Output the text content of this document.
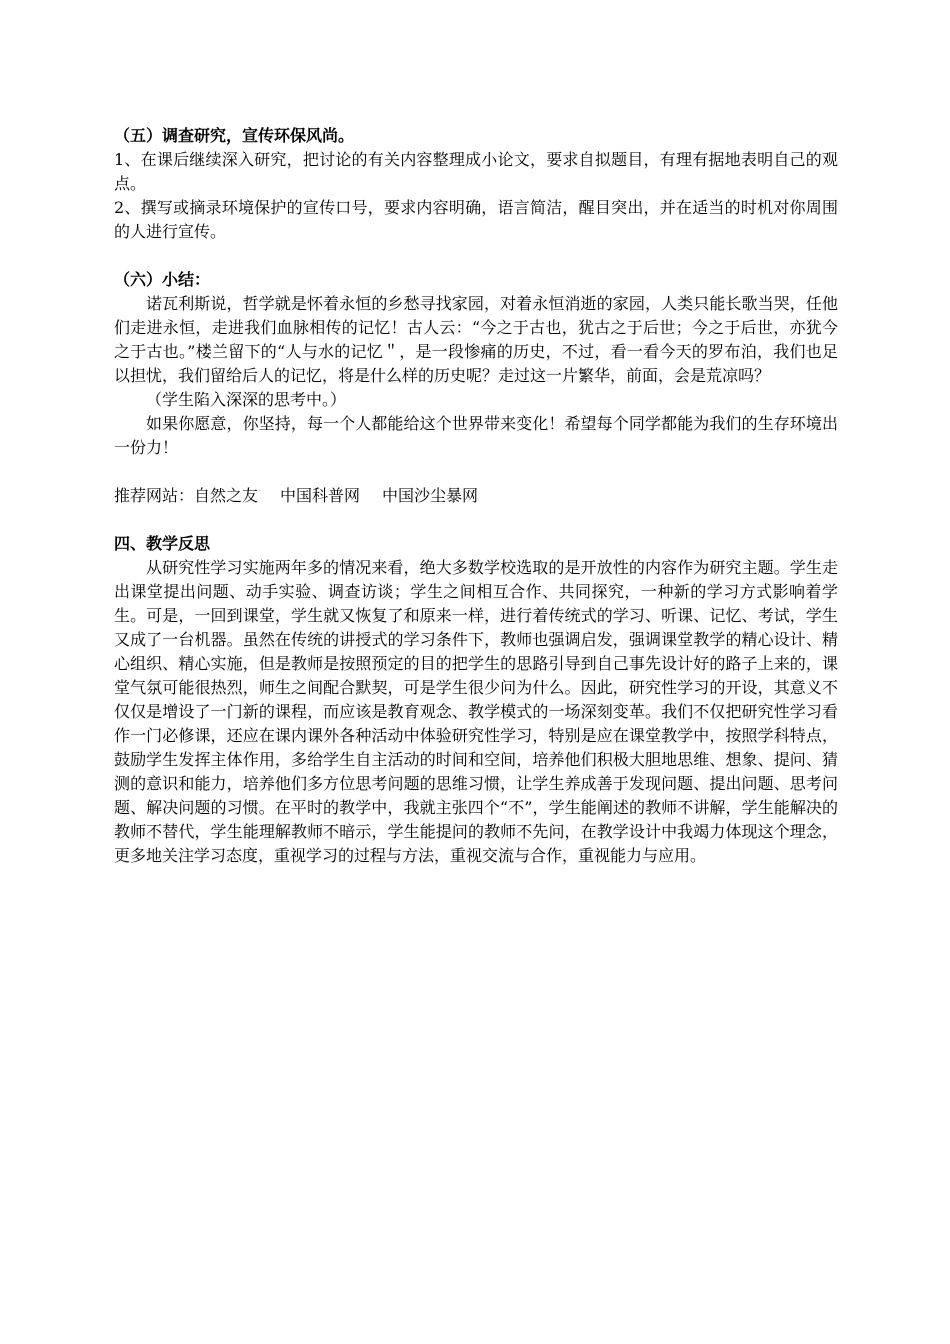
（五）调查研究，宣传环保风尚。

1、在课后继续深入研究，把讨论的有关内容整理成小论文，要求自拟题目，有理有据地表明自己的观点。

2、撰写或摘录环境保护的宣传口号，要求内容明确，语言简洁，醒目突出，并在适当的时机对你周围的人进行宣传。

（六）小结：

诺瓦利斯说，哲学就是怀着永恒的乡愁寻找家园，对着永恒消逝的家园，人类只能长歌当哭，任他们走进永恒，走进我们血脉相传的记忆！古人云：“今之于古也，犹古之于后世；今之于后世，亦犹今之于古也。”楼兰留下的“人与水的记忆＂，是一段惨痛的历史，不过，看一看今天的罗布泊，我们也足以担忧，我们留给后人的记忆，将是什么样的历史呢？走过这一片繁华，前面，会是荒凉吗？

（学生陷入深深的思考中。）

如果你愿意，你坚持，每一个人都能给这个世界带来变化！希望每个同学都能为我们的生存环境出一份力！

推荐网站：自然之友 中国科普网 中国沙尘暴网

四、教学反思

从研究性学习实施两年多的情况来看，绝大多数学校选取的是开放性的内容作为研究主题。学生走出课堂提出问题、动手实验、调查访谈；学生之间相互合作、共同探究，一种新的学习方式影响着学生。可是，一回到课堂，学生就又恢复了和原来一样，进行着传统式的学习、听课、记忆、考试，学生又成了一台机器。虽然在传统的讲授式的学习条件下，教师也强调启发，强调课堂教学的精心设计、精心组织、精心实施，但是教师是按照预定的目的把学生的思路引导到自己事先设计好的路子上来的，课堂气氛可能很热烈，师生之间配合默契，可是学生很少问为什么。因此，研究性学习的开设，其意义不仅仅是增设了一门新的课程，而应该是教育观念、教学模式的一场深刻变革。我们不仅把研究性学习看作一门必修课，还应在课内课外各种活动中体验研究性学习，特别是应在课堂教学中，按照学科特点，鼓励学生发挥主体作用，多给学生自主活动的时间和空间，培养他们积极大胆地思维、想象、提问、猜测的意识和能力，培养他们多方位思考问题的思维习惯，让学生养成善于发现问题、提出问题、思考问题、解决问题的习惯。在平时的教学中，我就主张四个“不”，学生能阐述的教师不讲解，学生能解决的教师不替代，学生能理解教师不暗示，学生能提问的教师不先问，在教学设计中我竭力体现这个理念，更多地关注学习态度，重视学习的过程与方法，重视交流与合作，重视能力与应用。
